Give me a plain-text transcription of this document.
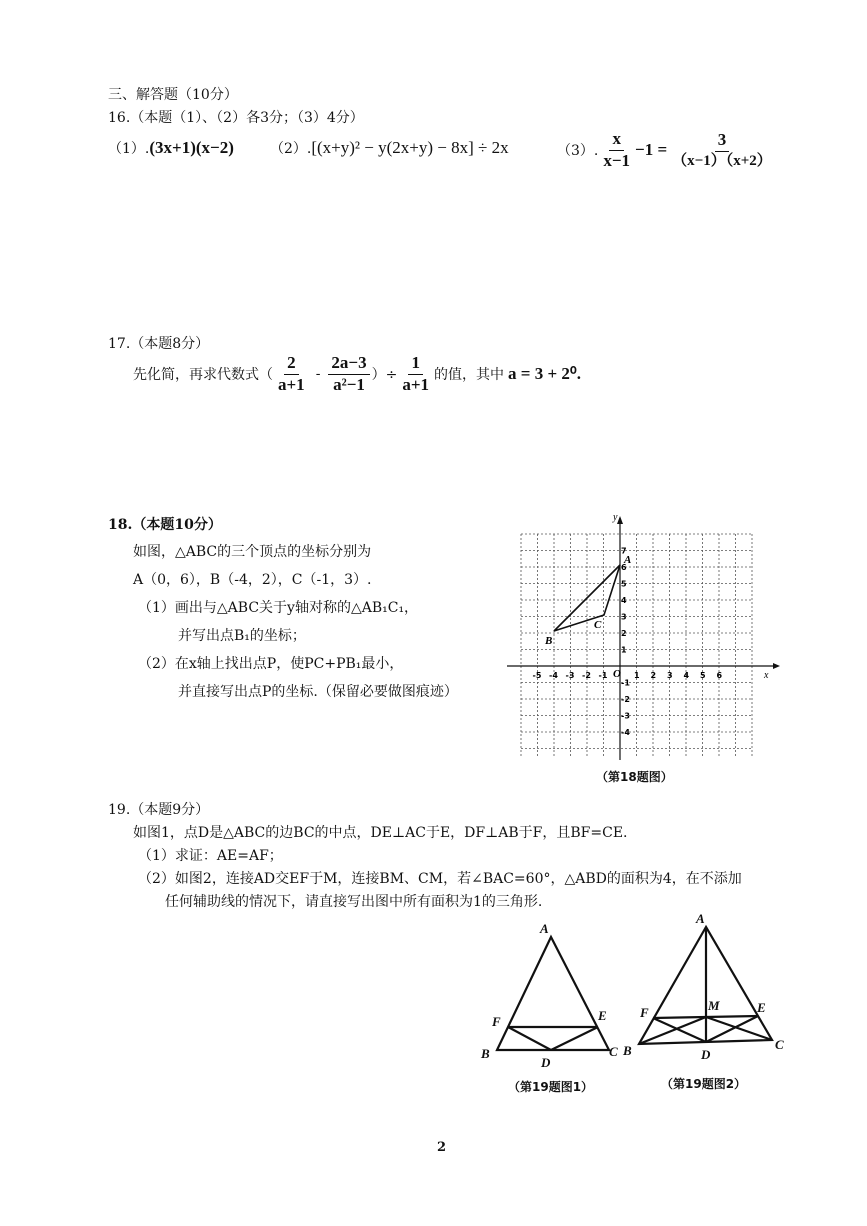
三、解答题（10分）
16.（本题（1）、（2）各3分；（3）4分）
（1）. (3x+1)(x−2)	（2）. [(x+y)² − y(2x+y) − 8x] ÷ 2x	（3）. $\frac{x}{x-1} -1 = \frac{3}{(x-1)(x+2)}$
17.（本题8分）
先化简，再求代数式（ $\frac{2}{a+1} - \frac{2a-3}{\text{a²−1}}$ ）÷ $\frac{1}{a+1}$ 的值，其中 a = 3 + 2⁰.
18.（本题10分）
如图，△ABC的三个顶点的坐标分别为
A（0，6），B（-4，2），C（-1，3）.
（1）画出与△ABC关于y轴对称的△AB₁C₁，
并写出点B₁的坐标；
（2）在x轴上找出点P，使PC+PB₁最小，
并直接写出点P的坐标.（保留必要做图痕迹）
x
y
O
-5 -4 -3 -2 -1	1 2 3 4 5 6
7
6
5
4
3
2
1
-1
-2
-3
-4
A
B
C
（第18题图）
19.（本题9分）
如图1，点D是△ABC的边BC的中点，DE⊥AC于E，DF⊥AB于F，且BF=CE.
（1）求证：AE=AF；
（2）如图2，连接AD交EF于M，连接BM、CM，若∠BAC=60°，△ABD的面积为4，在不添加
任何辅助线的情况下，请直接写出图中所有面积为1的三角形.
A
B	C
D
E
F
（第19题图1）
A
B	C
D
E
F	M
（第19题图2）
2
